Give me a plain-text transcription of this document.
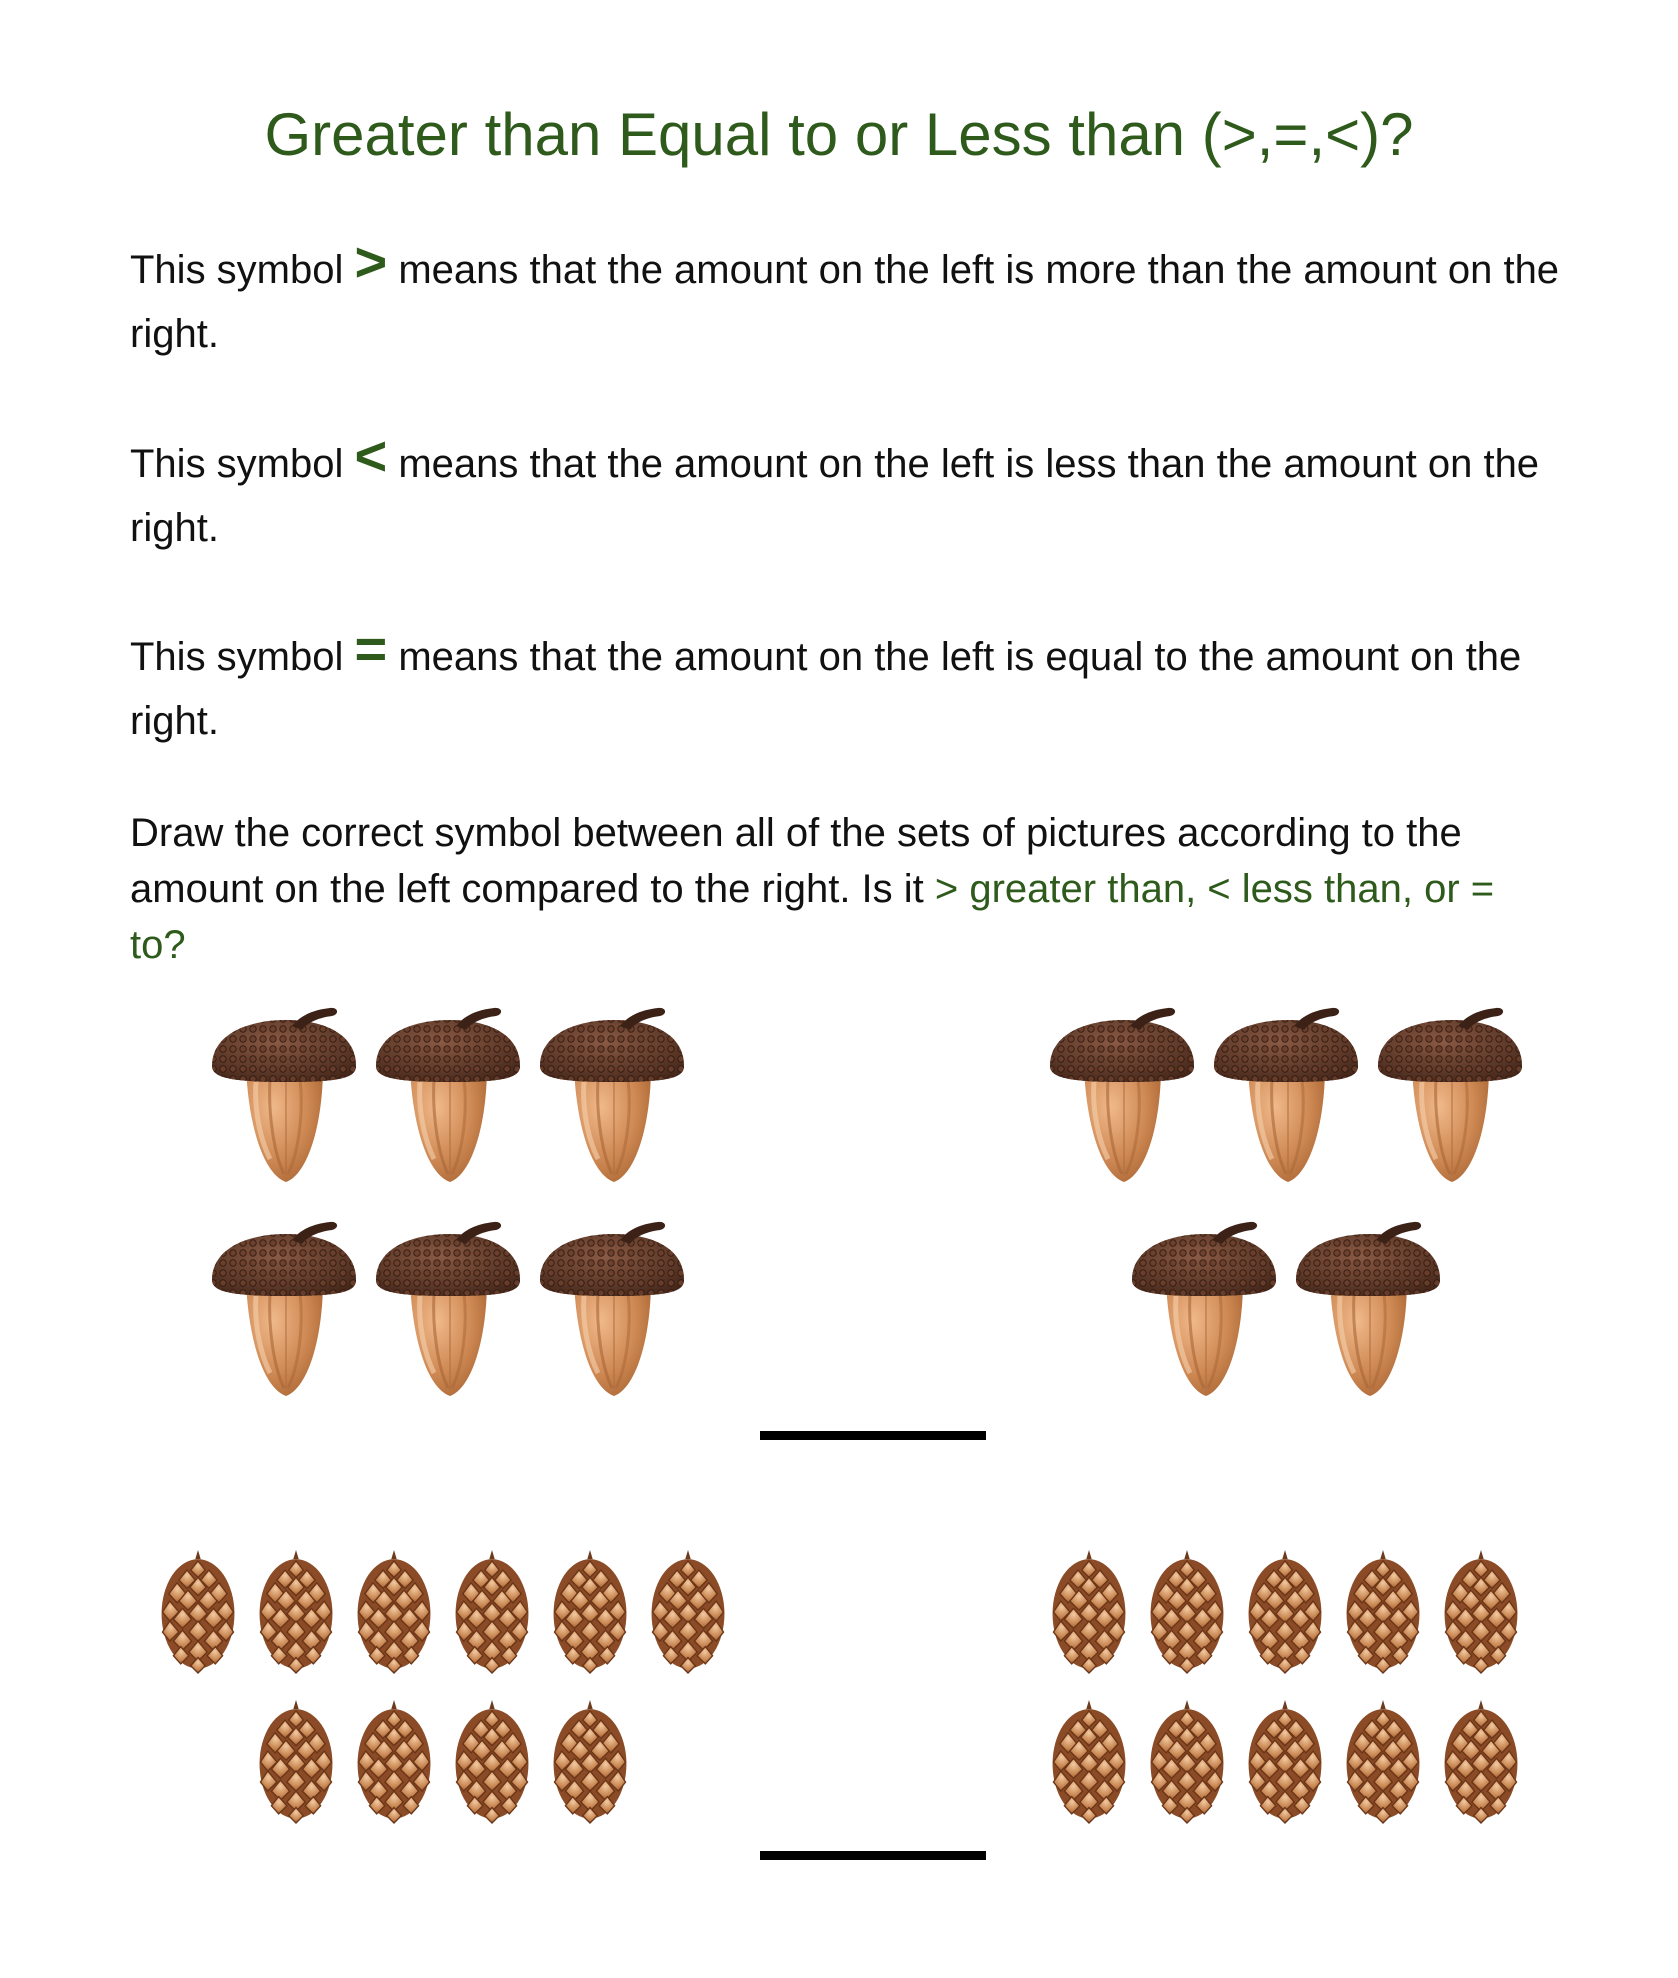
Greater than Equal to or Less than (>,=,<)?

This symbol > means that the amount on the left is more than the amount on the right.

This symbol < means that the amount on the left is less than the amount on the right.

This symbol = means that the amount on the left is equal to the amount on the right.

Draw the correct symbol between all of the sets of pictures according to the amount on the left compared to the right. Is it > greater than, < less than, or = to?
